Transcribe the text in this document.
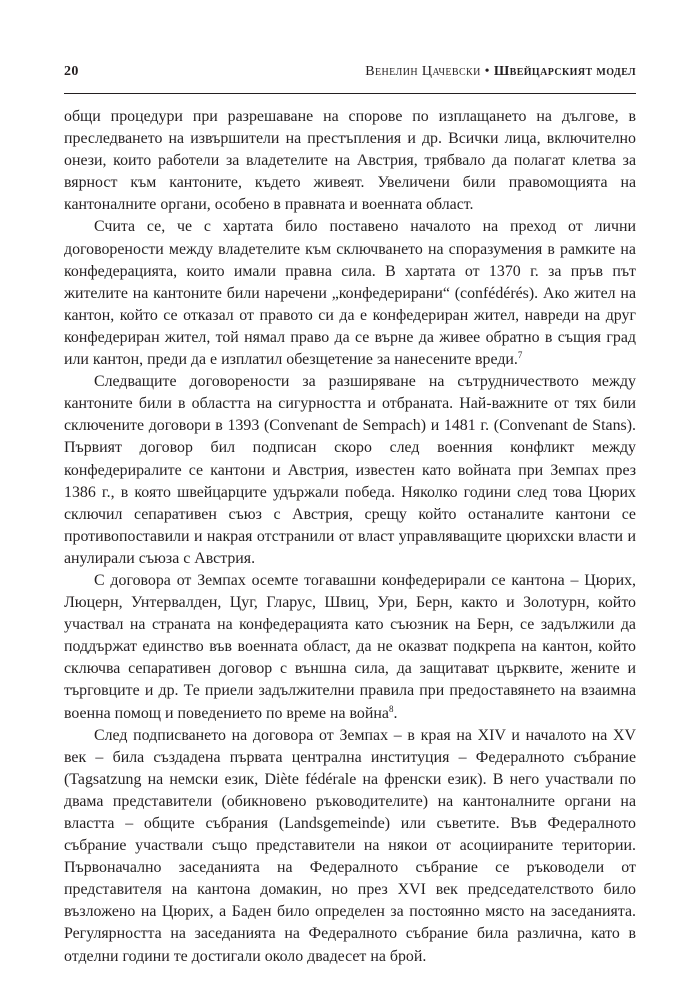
20	Венелин Цачевски • Швейцарският модел

общи процедури при разрешаване на спорове по изплащането на дългове, в преследването на извършители на престъпления и др. Всички лица, включително онези, които работели за владетелите на Австрия, трябвало да полагат клетва за вярност към кантоните, където живеят. Увеличени били правомощията на кантоналните органи, особено в правната и военната област.

Счита се, че с хартата било поставено началото на преход от лични договорености между владетелите към сключването на споразумения в рамките на конфедерацията, които имали правна сила. В хартата от 1370 г. за пръв път жителите на кантоните били наречени „конфедерирани“ (confédérés). Ако жител на кантон, който се отказал от правото си да е конфедериран жител, навреди на друг конфедериран жител, той нямал право да се върне да живее обратно в същия град или кантон, преди да е изплатил обезщетение за нанесените вреди.$^7$

Следващите договорености за разширяване на сътрудничеството между кантоните били в областта на сигурността и отбраната. Най-важните от тях били сключените договори в 1393 (Convenant de Sempach) и 1481 г. (Convenant de Stans). Първият договор бил подписан скоро след военния конфликт между конфедериралите се кантони и Австрия, известен като войната при Земпах през 1386 г., в която швейцарците удържали победа. Няколко години след това Цюрих сключил сепаративен съюз с Австрия, срещу който останалите кантони се противопоставили и накрая отстранили от власт управляващите цюрихски власти и анулирали съюза с Австрия.

С договора от Земпах осемте тогавашни конфедерирали се кантона – Цюрих, Люцерн, Унтервалден, Цуг, Гларус, Швиц, Ури, Берн, както и Золотурн, който участвал на страната на конфедерацията като съюзник на Берн, се задължили да поддържат единство във военната област, да не оказват подкрепа на кантон, който сключва сепаративен договор с външна сила, да защитават църквите, жените и търговците и др. Те приели задължителни правила при предоставянето на взаимна военна помощ и поведението по време на война$^8$.

След подписването на договора от Земпах – в края на XIV и началото на XV век – била създадена първата централна институция – Федералното събрание (Tagsatzung на немски език, Diète fédérale на френски език). В него участвали по двама представители (обикновено ръководителите) на кантоналните органи на властта – общите събрания (Landsgemeinde) или съветите. Във Федералното събрание участвали също представители на някои от асоциираните територии. Първоначално заседанията на Федералното събрание се ръководели от представителя на кантона домакин, но през XVI век председателството било възложено на Цюрих, а Баден било определен за постоянно място на заседанията. Регулярността на заседанията на Федералното събрание била различна, като в отделни години те достигали около двадесет на брой.
